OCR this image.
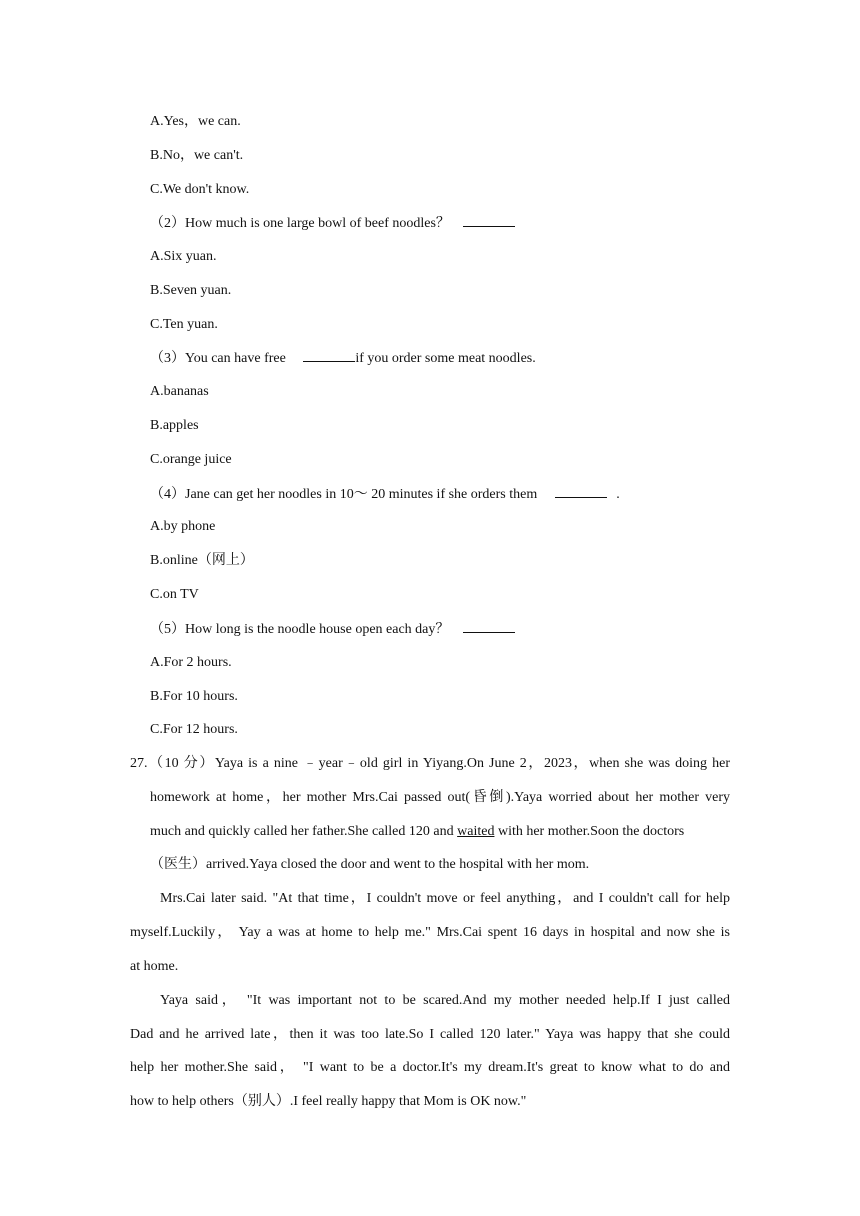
A.Yes，we can.
B.No，we can't.
C.We don't know.
（2）How much is one large bowl of beef noodles？
A.Six yuan.
B.Seven yuan.
C.Ten yuan.
（3）You can have free	if you order some meat noodles.
A.bananas
B.apples
C.orange juice
（4）Jane can get her noodles in 10～ 20 minutes if she orders them	.
A.by phone
B.online（网上）
C.on TV
（5）How long is the noodle house open each day？
A.For 2 hours.
B.For 10 hours.
C.For 12 hours.
27.（10 分）Yaya is a nine ﹣year﹣old girl in Yiyang.On June 2，2023，when she was doing her
homework at home，her mother Mrs.Cai passed out(昏倒).Yaya worried about her mother very
much and quickly called her father.She called 120 and waited with her mother.Soon the doctors
（医生）arrived.Yaya closed the door and went to the hospital with her mom.
Mrs.Cai later said. "At that time，I couldn't move or feel anything，and I couldn't call for help
myself.Luckily， Yay a was at home to help me." Mrs.Cai spent 16 days in hospital and now she is
at home.
Yaya said， "It was important not to be scared.And my mother needed help.If I just called
Dad and he arrived late，then it was too late.So I called 120 later." Yaya was happy that she could
help her mother.She said， "I want to be a doctor.It's my dream.It's great to know what to do and
how to help others（别人）.I feel really happy that Mom is OK now."
